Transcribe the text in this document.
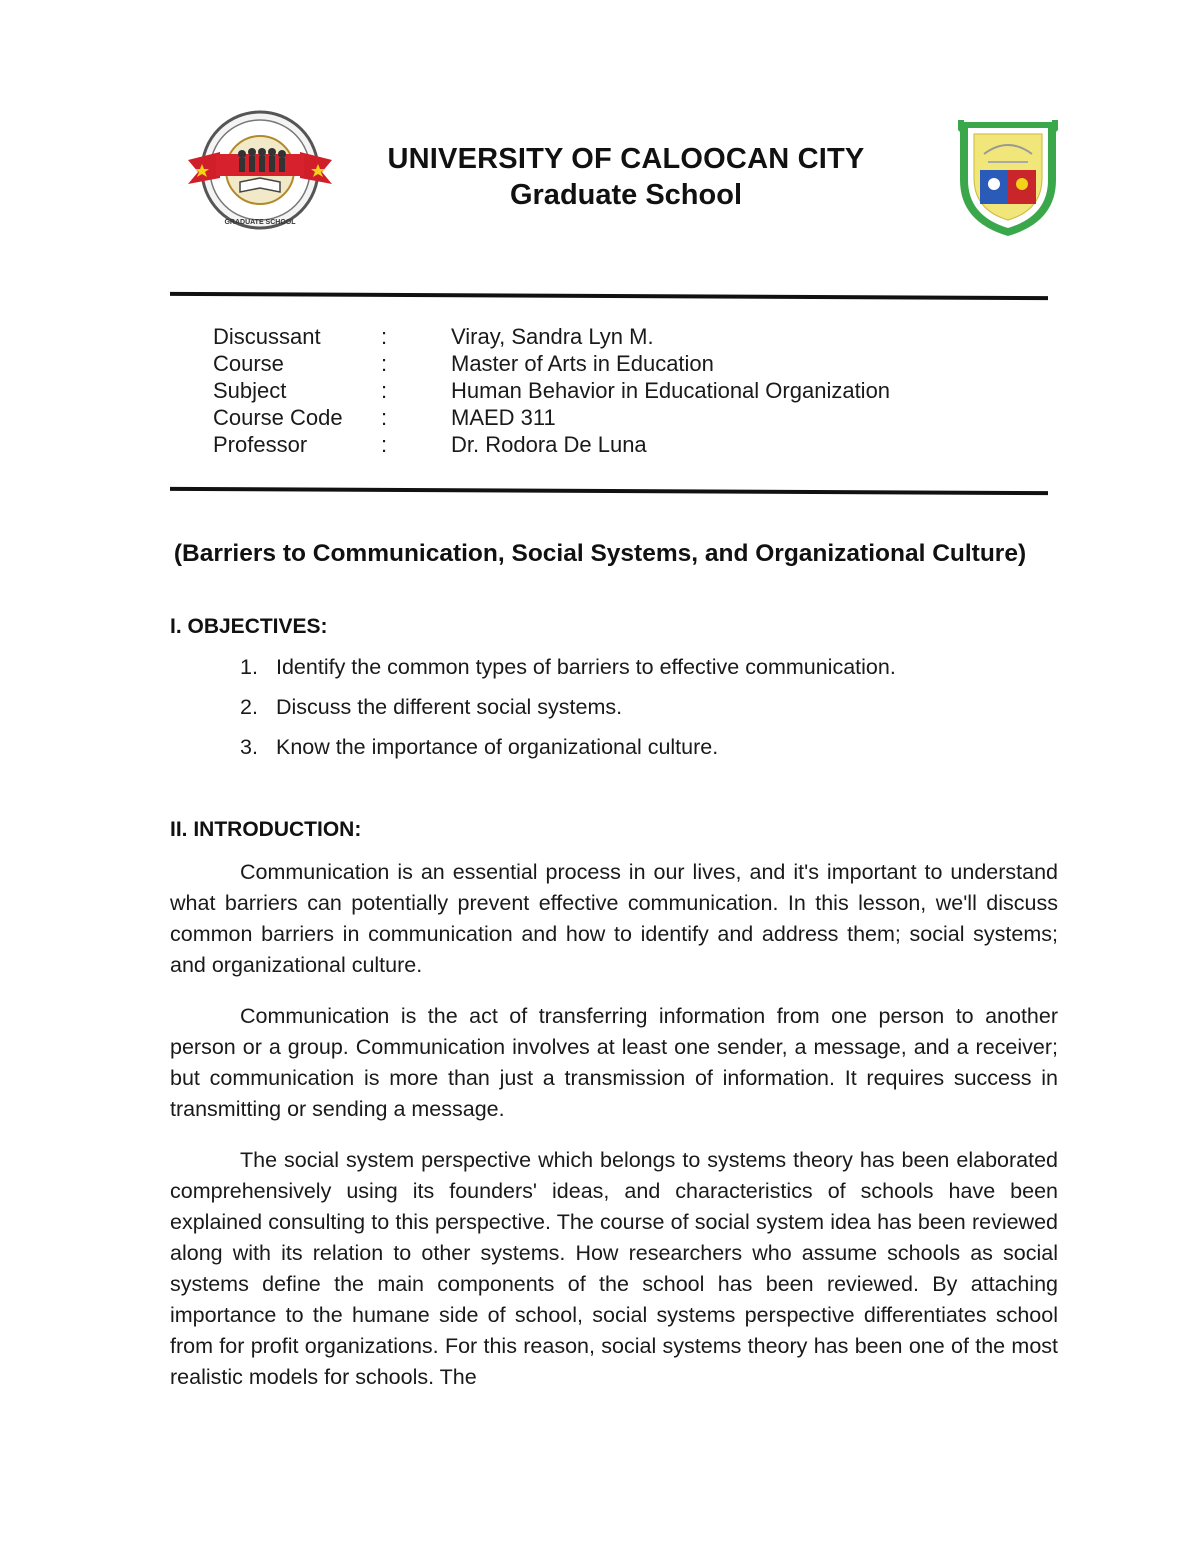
GRADUATE SCHOOL
UNIVERSITY OF CALOOCAN CITY
Graduate School
Discussant	:	Viray, Sandra Lyn M.
Course	:	Master of Arts in Education
Subject	:	Human Behavior in Educational Organization
Course Code	:	MAED 311
Professor	:	Dr. Rodora De Luna
(Barriers to Communication, Social Systems, and Organizational Culture)
I. OBJECTIVES:
1. Identify the common types of barriers to effective communication.
2. Discuss the different social systems.
3. Know the importance of organizational culture.
II. INTRODUCTION:
Communication is an essential process in our lives, and it's important to understand what barriers can potentially prevent effective communication. In this lesson, we'll discuss common barriers in communication and how to identify and address them; social systems; and organizational culture.
Communication is the act of transferring information from one person to another person or a group. Communication involves at least one sender, a message, and a receiver; but communication is more than just a transmission of information. It requires success in transmitting or sending a message.
The social system perspective which belongs to systems theory has been elaborated comprehensively using its founders' ideas, and characteristics of schools have been explained consulting to this perspective. The course of social system idea has been reviewed along with its relation to other systems. How researchers who assume schools as social systems define the main components of the school has been reviewed. By attaching importance to the humane side of school, social systems perspective differentiates school from for profit organizations. For this reason, social systems theory has been one of the most realistic models for schools. The
